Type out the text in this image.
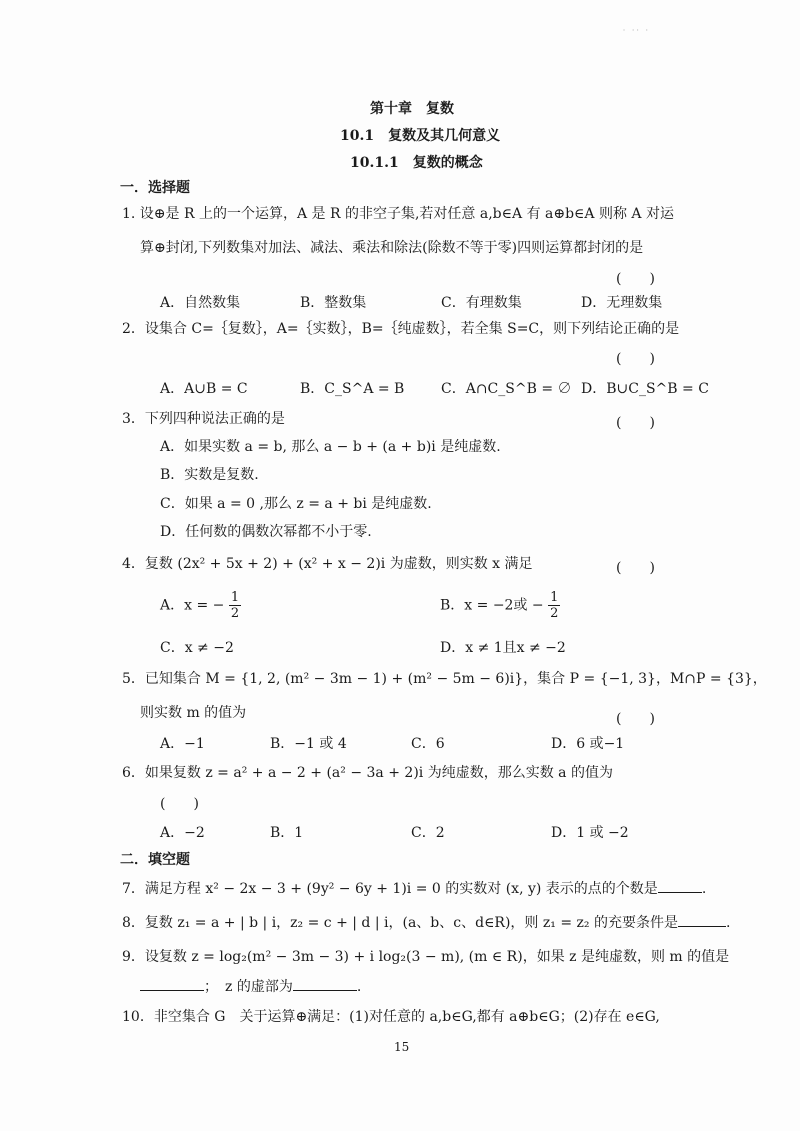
· ·· ·
第十章　复数
10.1　复数及其几何意义
10.1.1　复数的概念
一．选择题
1. 设⊕是 R 上的一个运算，A 是 R 的非空子集,若对任意 a,b∈A 有 a⊕b∈A 则称 A 对运
算⊕封闭,下列数集对加法、减法、乘法和除法(除数不等于零)四则运算都封闭的是
(　　)
A．自然数集	B．整数集	C．有理数集	D．无理数集
2．设集合 C=｛复数｝，A=｛实数｝，B=｛纯虚数｝，若全集 S=C，则下列结论正确的是
(　　)
A．A∪B = C	B．C_S^A = B	C．A∩C_S^B = ∅ D．B∪C_S^B = C
3．下列四种说法正确的是	(　　)
A．如果实数 a = b, 那么 a − b + (a + b)i 是纯虚数.
B．实数是复数.
C．如果 a = 0 ,那么 z = a + bi 是纯虚数.
D．任何数的偶数次幂都不小于零.
4．复数 (2x² + 5x + 2) + (x² + x − 2)i 为虚数，则实数 x 满足	(　　)
A．x = − $\frac{1}{2}$	B．x = −2或 − $\frac{1}{2}$
C．x ≠ −2	D．x ≠ 1且x ≠ −2
5．已知集合 M = {1, 2, (m² − 3m − 1) + (m² − 5m − 6)i}，集合 P = {−1, 3}，M∩P = {3}，
则实数 m 的值为	(　　)
A．−1	B．−1 或 4	C．6	D．6 或−1
6．如果复数 z = a² + a − 2 + (a² − 3a + 2)i 为纯虚数，那么实数 a 的值为
(　　)
A．−2	B．1	C．2	D．1 或 −2
二．填空题
7．满足方程 x² − 2x − 3 + (9y² − 6y + 1)i = 0 的实数对 (x, y) 表示的点的个数是	.
8．复数 z₁ = a + | b | i，z₂ = c + | d | i，(a、b、c、d∈R)，则 z₁ = z₂ 的充要条件是	.
9．设复数 z = log₂(m² − 3m − 3) + i log₂(3 − m), (m ∈ R)，如果 z 是纯虚数，则 m 的值是
；　z 的虚部为	.
10．非空集合 G　关于运算⊕满足：(1)对任意的 a,b∈G,都有 a⊕b∈G；(2)存在 e∈G,
15
